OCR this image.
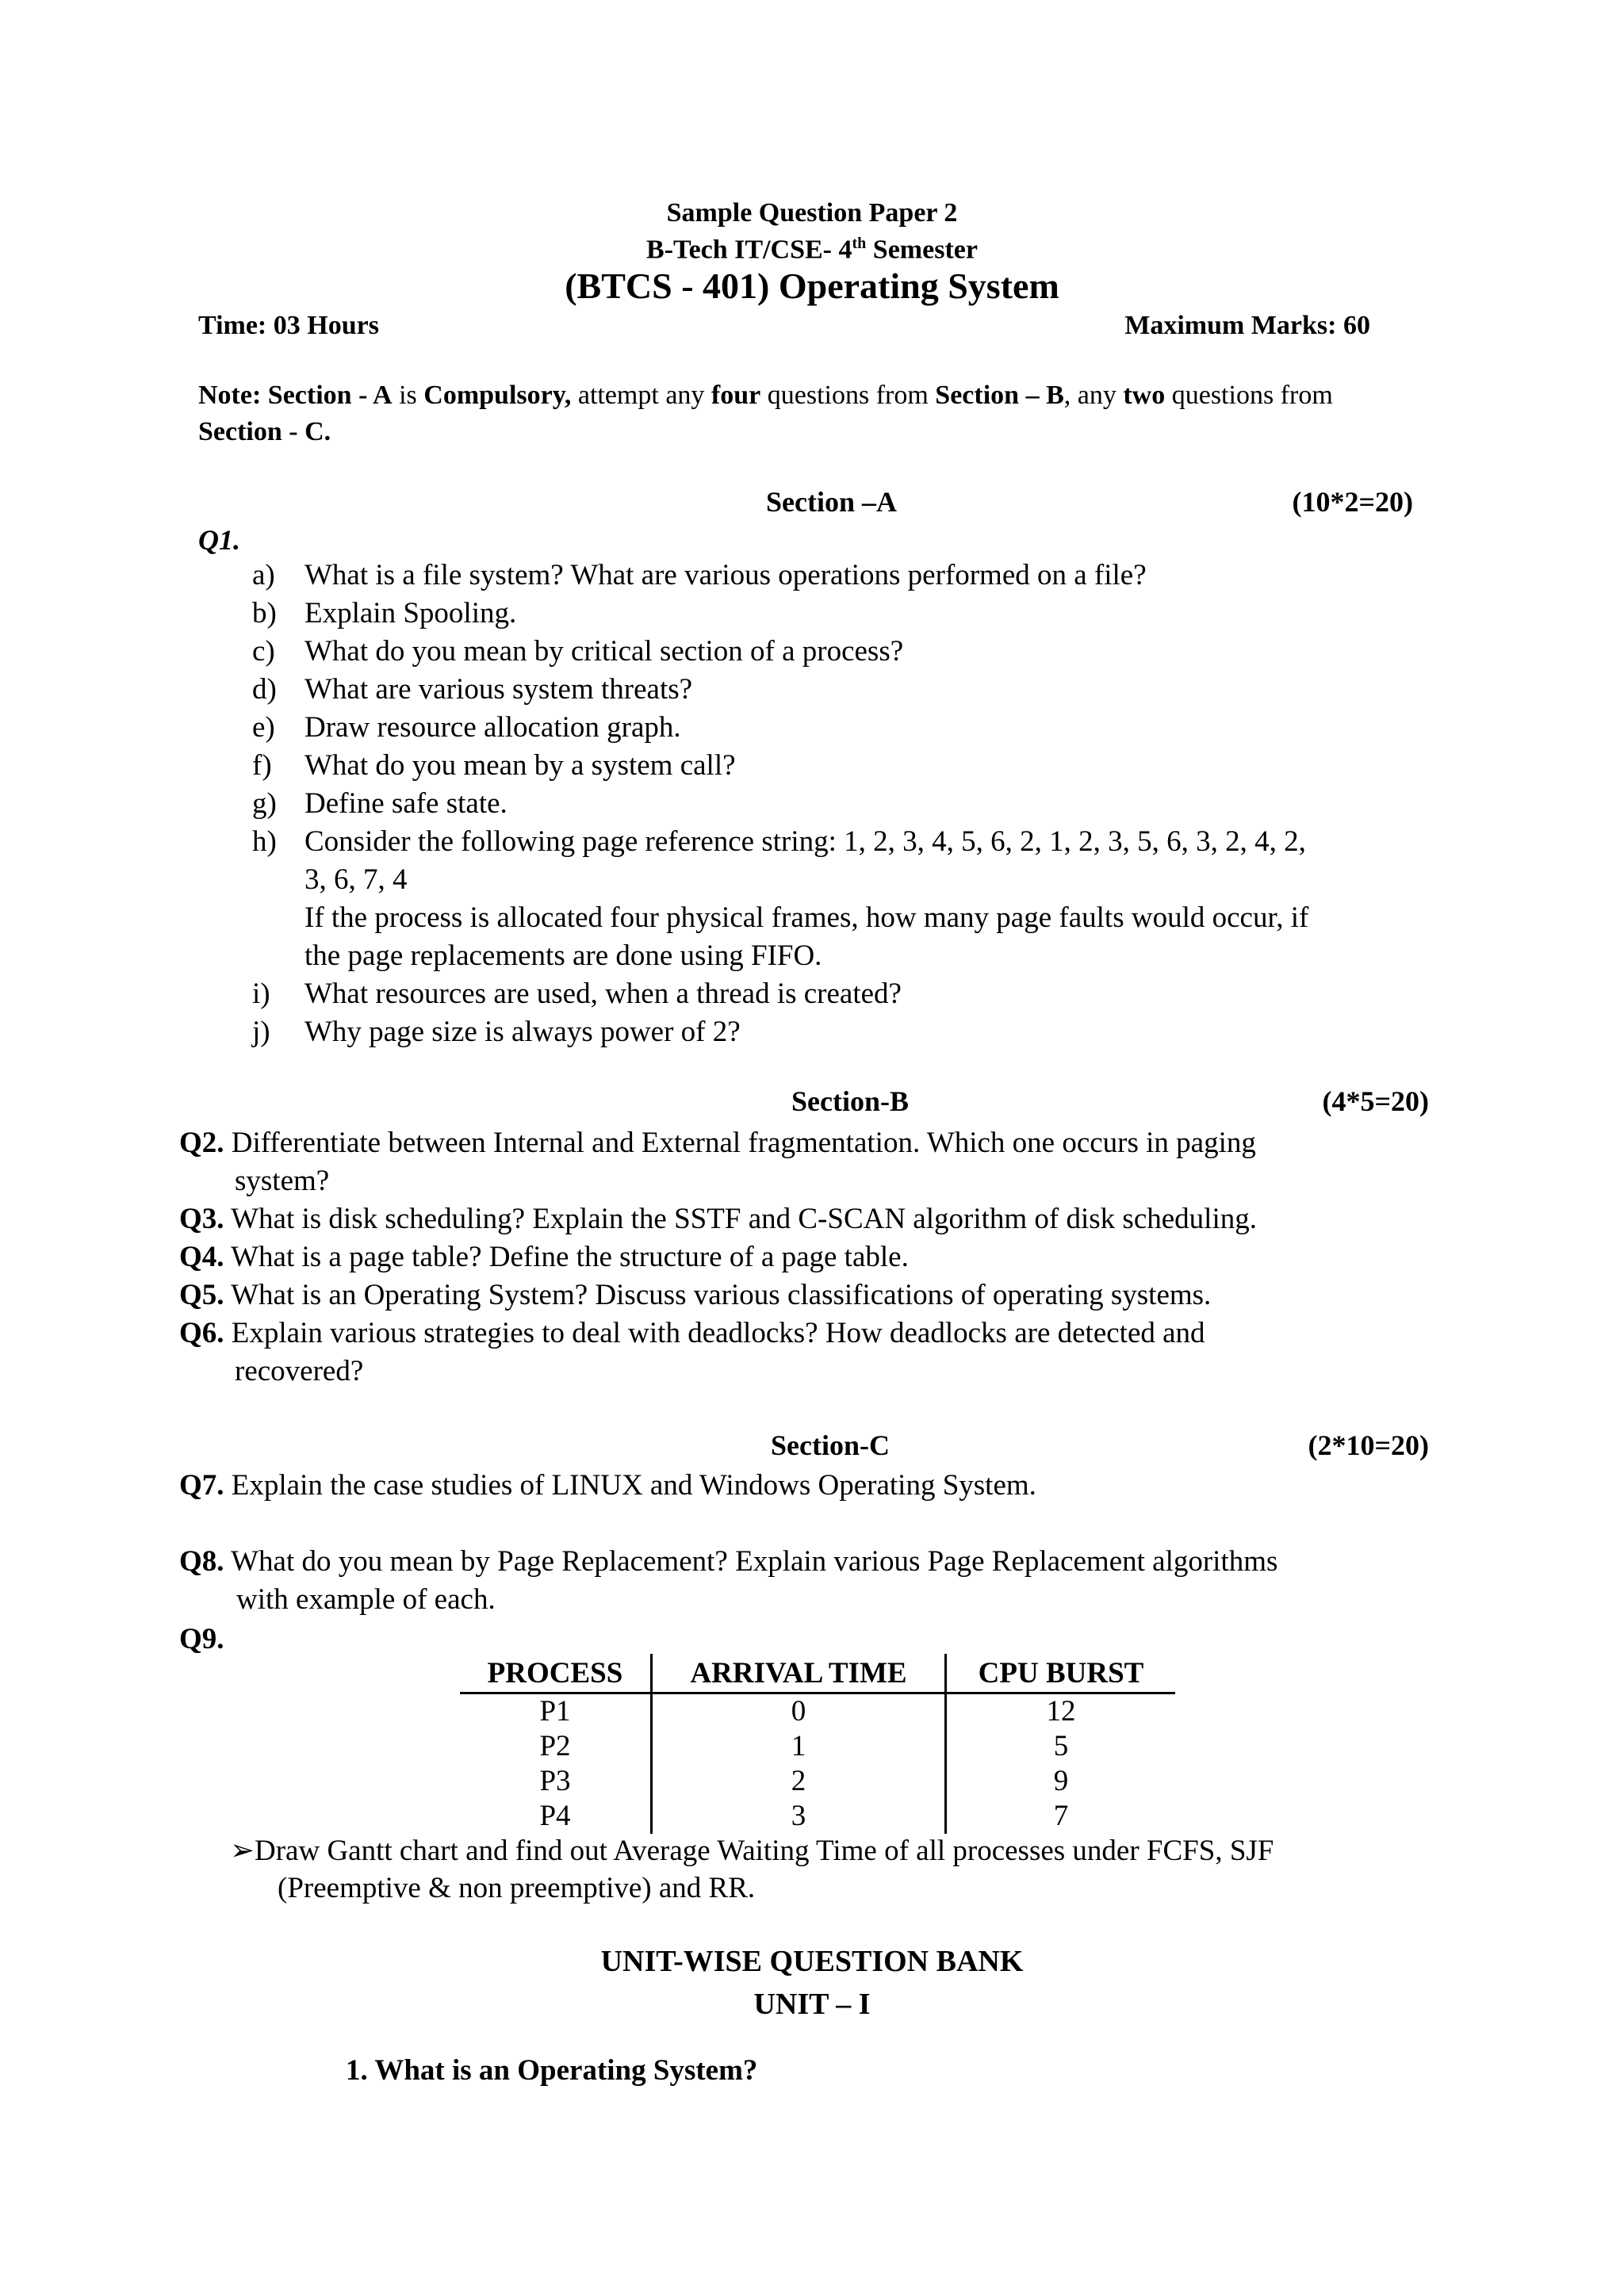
Sample Question Paper 2
B-Tech IT/CSE- 4th Semester
(BTCS - 401) Operating System
Time: 03 Hours	Maximum Marks: 60
Note: Section - A is Compulsory, attempt any four questions from Section – B, any two questions from Section - C.
Section –A	(10*2=20)
Q1.
a)	What is a file system? What are various operations performed on a file?
b) Explain Spooling.
c)	What do you mean by critical section of a process?
d) What are various system threats?
e)	Draw resource allocation graph.
f)	What do you mean by a system call?
g) Define safe state.
h) Consider the following page reference string: 1, 2, 3, 4, 5, 6, 2, 1, 2, 3, 5, 6, 3, 2, 4, 2,
3, 6, 7, 4
If the process is allocated four physical frames, how many page faults would occur, if
the page replacements are done using FIFO.
i)	What resources are used, when a thread is created?
j)	Why page size is always power of 2?
Section-B	(4*5=20)
Q2. Differentiate between Internal and External fragmentation. Which one occurs in paging
system?
Q3. What is disk scheduling? Explain the SSTF and C-SCAN algorithm of disk scheduling.
Q4. What is a page table? Define the structure of a page table.
Q5. What is an Operating System? Discuss various classifications of operating systems.
Q6. Explain various strategies to deal with deadlocks? How deadlocks are detected and
recovered?
Section-C	(2*10=20)
Q7. Explain the case studies of LINUX and Windows Operating System.
Q8. What do you mean by Page Replacement? Explain various Page Replacement algorithms
with example of each.
Q9.
PROCESS	ARRIVAL TIME	CPU BURST
P1	0	12
P2	1	5
P3	2	9
P4	3	7
➢Draw Gantt chart and find out Average Waiting Time of all processes under FCFS, SJF
(Preemptive & non preemptive) and RR.
UNIT-WISE QUESTION BANK
UNIT – I
1. What is an Operating System?
